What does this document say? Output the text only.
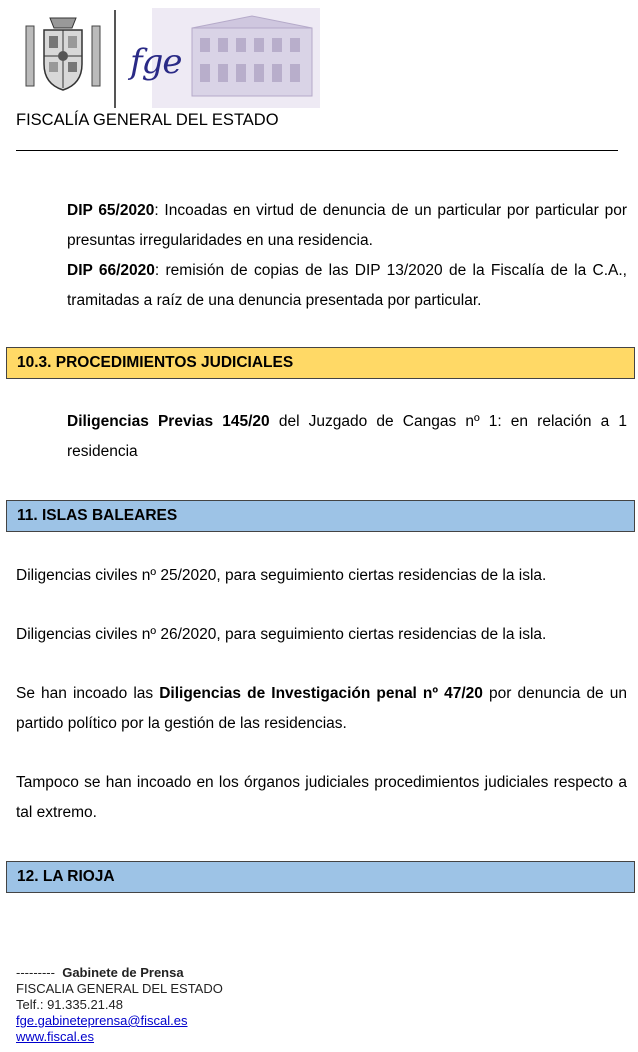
fge
FISCALÍA GENERAL DEL ESTADO
DIP 65/2020: Incoadas en virtud de denuncia de un particular por particular por presuntas irregularidades en una residencia.
DIP 66/2020: remisión de copias de las DIP 13/2020 de la Fiscalía de la C.A., tramitadas a raíz de una denuncia presentada por particular.
10.3. PROCEDIMIENTOS JUDICIALES
Diligencias Previas 145/20 del Juzgado de Cangas nº 1: en relación a 1 residencia
11. ISLAS BALEARES
Diligencias civiles nº 25/2020, para seguimiento ciertas residencias de la isla.
Diligencias civiles nº 26/2020, para seguimiento ciertas residencias de la isla.
Se han incoado las Diligencias de Investigación penal nº 47/20 por denuncia de un partido político por la gestión de las residencias.
Tampoco se han incoado en los órganos judiciales procedimientos judiciales respecto a tal extremo.
12. LA RIOJA
--------- Gabinete de Prensa
FISCALIA GENERAL DEL ESTADO
Telf.: 91.335.21.48
fge.gabineteprensa@fiscal.es
www.fiscal.es
